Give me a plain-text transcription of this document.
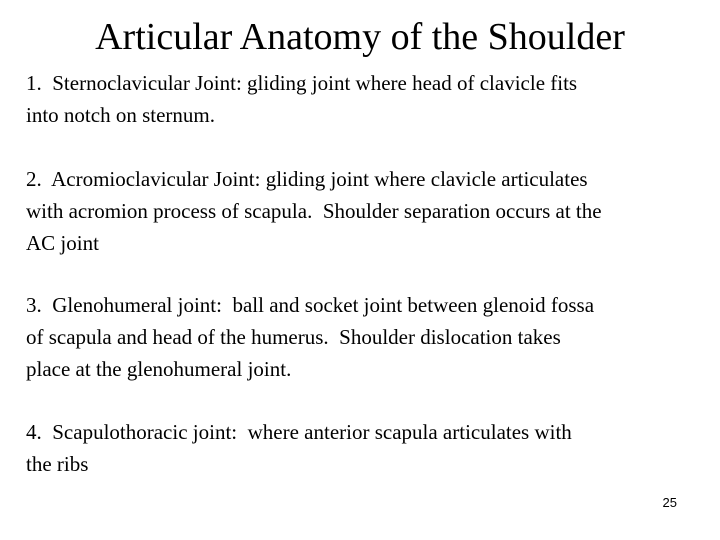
Articular Anatomy of the Shoulder
1.  Sternoclavicular Joint: gliding joint where head of clavicle fits
into notch on sternum.
2.  Acromioclavicular Joint: gliding joint where clavicle articulates
with acromion process of scapula.  Shoulder separation occurs at the
AC joint
3.  Glenohumeral joint:  ball and socket joint between glenoid fossa
of scapula and head of the humerus.  Shoulder dislocation takes
place at the glenohumeral joint.
4.  Scapulothoracic joint:  where anterior scapula articulates with
the ribs
25
